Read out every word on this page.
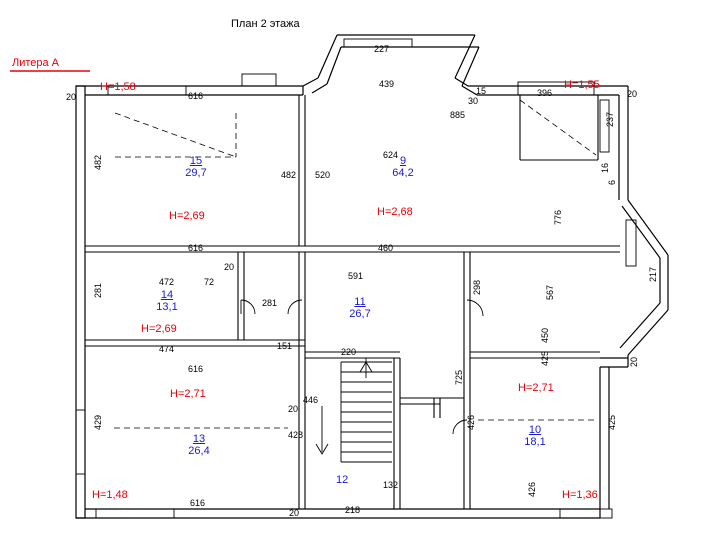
План 2 этажа
Литера А
15
29,7
H=2,69
9
64,2
H=2,68
14
13,1
H=2,69
11
26,7
13
26,4
H=2,71
10
18,1
H=2,71
12
H=1,58	H=1,55
H=1,48	H=1,36
227
439
396
885
616
20	20
15
30
482
281
429
237
16
6
217
425
20
776
567
450
425
426
725
298
426
482 520
624
616	460
472	72
20
591
281
474	151
220
616
20
446
428
132
218
616
20
